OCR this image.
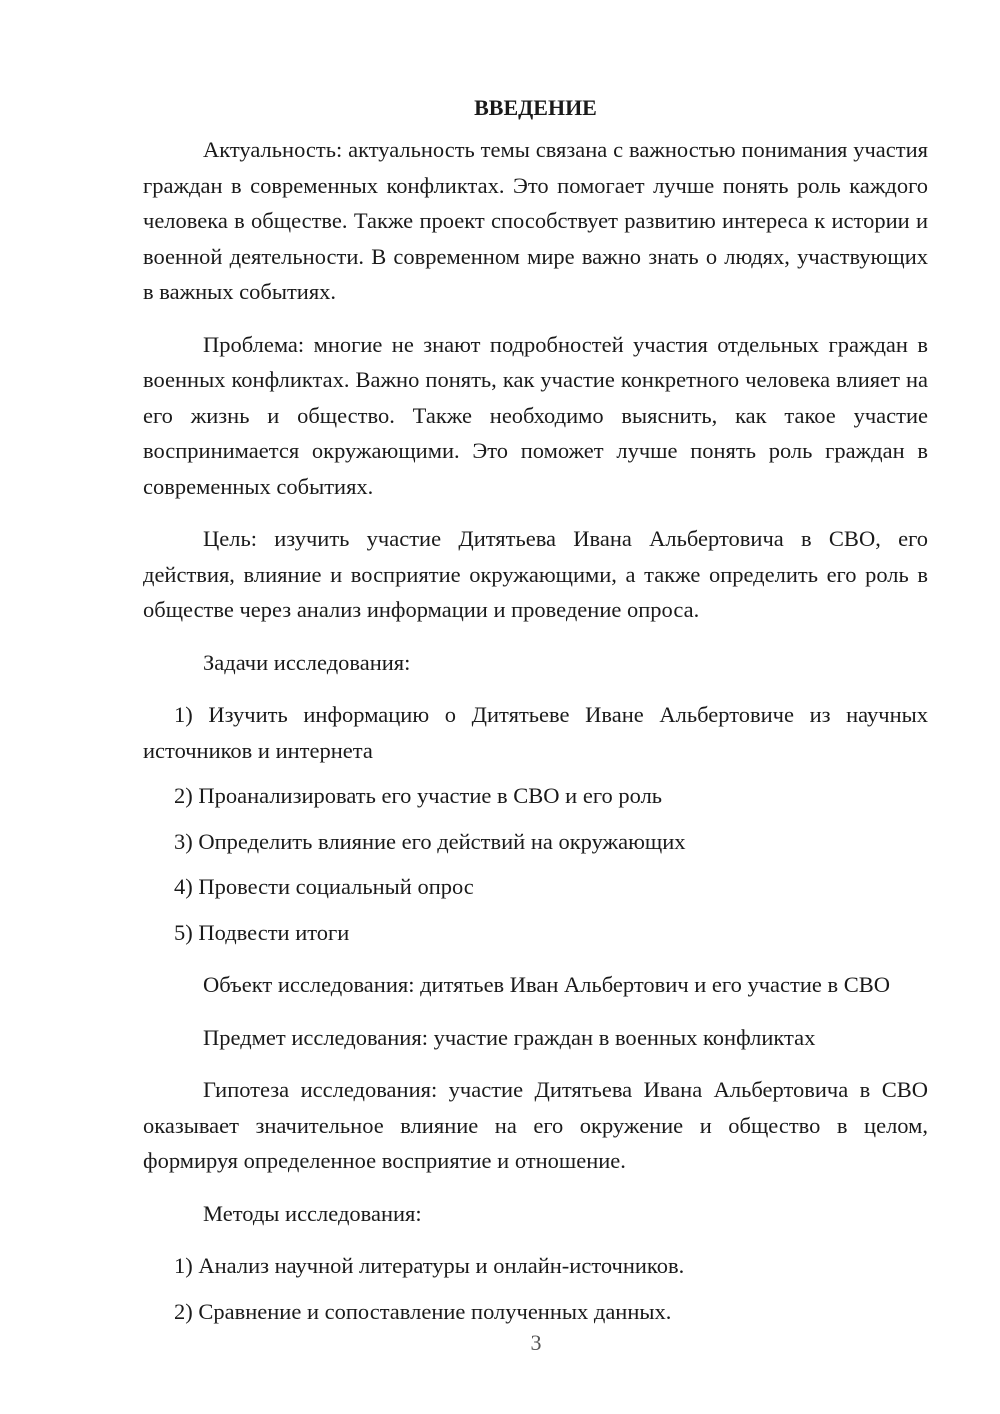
ВВЕДЕНИЕ

Актуальность: актуальность темы связана с важностью понимания участия граждан в современных конфликтах. Это помогает лучше понять роль каждого человека в обществе. Также проект способствует развитию интереса к истории и военной деятельности. В современном мире важно знать о людях, участвующих в важных событиях.

Проблема: многие не знают подробностей участия отдельных граждан в военных конфликтах. Важно понять, как участие конкретного человека влияет на его жизнь и общество. Также необходимо выяснить, как такое участие воспринимается окружающими. Это поможет лучше понять роль граждан в современных событиях.

Цель: изучить участие Дитятьева Ивана Альбертовича в СВО, его действия, влияние и восприятие окружающими, а также определить его роль в обществе через анализ информации и проведение опроса.

Задачи исследования:

1) Изучить информацию о Дитятьеве Иване Альбертовиче из научных источников и интернета

2) Проанализировать его участие в СВО и его роль

3) Определить влияние его действий на окружающих

4) Провести социальный опрос

5) Подвести итоги

Объект исследования: дитятьев Иван Альбертович и его участие в СВО

Предмет исследования: участие граждан в военных конфликтах

Гипотеза исследования: участие Дитятьева Ивана Альбертовича в СВО оказывает значительное влияние на его окружение и общество в целом, формируя определенное восприятие и отношение.

Методы исследования:

1) Анализ научной литературы и онлайн-источников.

2) Сравнение и сопоставление полученных данных.

3
